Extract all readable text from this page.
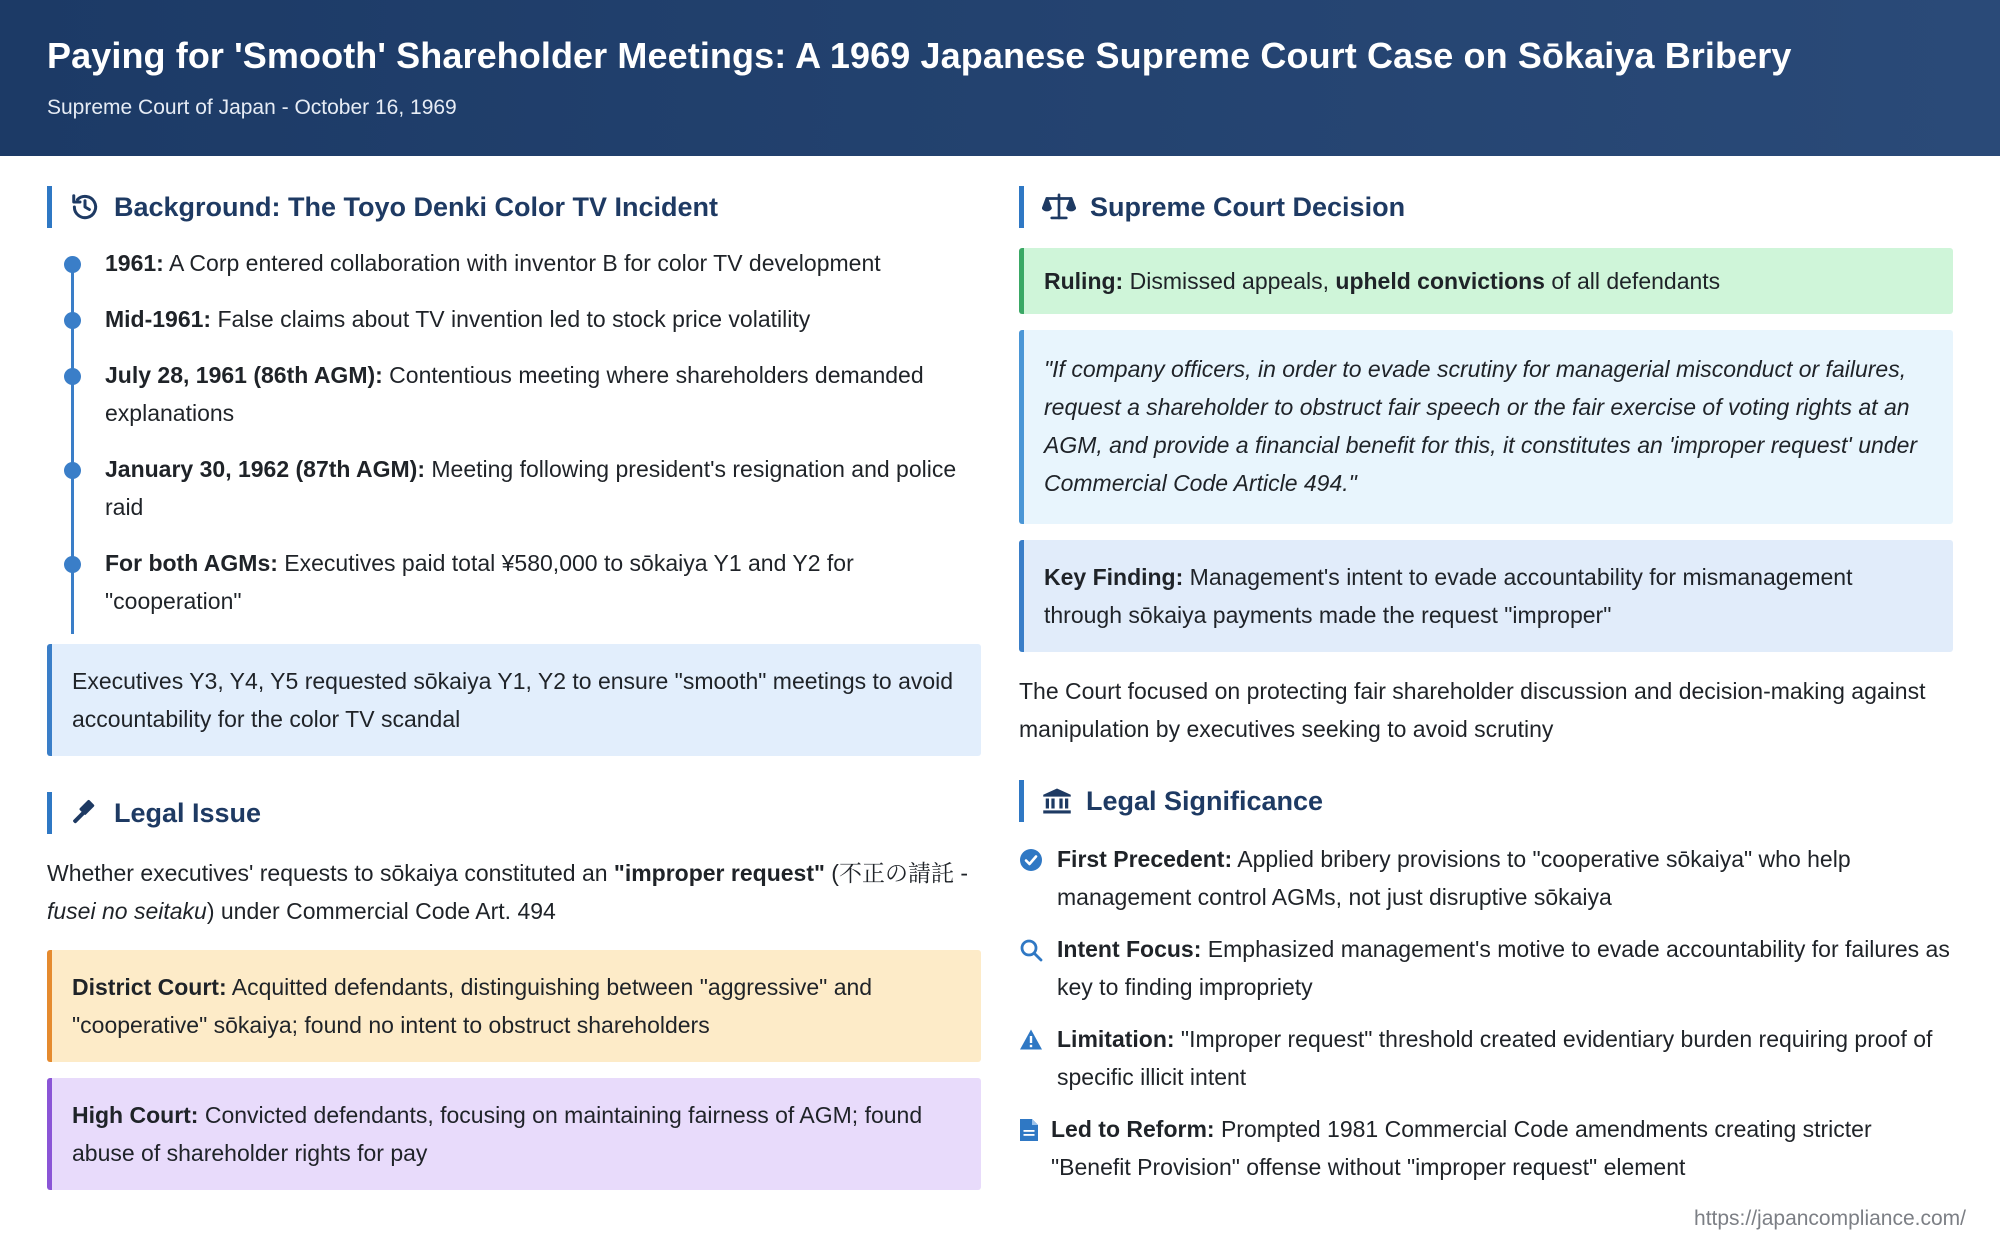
Paying for 'Smooth' Shareholder Meetings: A 1969 Japanese Supreme Court Case on Sōkaiya Bribery
Supreme Court of Japan - October 16, 1969
Background: The Toyo Denki Color TV Incident
1961: A Corp entered collaboration with inventor B for color TV development
Mid-1961: False claims about TV invention led to stock price volatility
July 28, 1961 (86th AGM): Contentious meeting where shareholders demanded explanations
January 30, 1962 (87th AGM): Meeting following president's resignation and police raid
For both AGMs: Executives paid total ¥580,000 to sōkaiya Y1 and Y2 for "cooperation"
Executives Y3, Y4, Y5 requested sōkaiya Y1, Y2 to ensure "smooth" meetings to avoid accountability for the color TV scandal
Legal Issue
Whether executives' requests to sōkaiya constituted an "improper request" (不正の請託 - fusei no seitaku) under Commercial Code Art. 494
District Court: Acquitted defendants, distinguishing between "aggressive" and "cooperative" sōkaiya; found no intent to obstruct shareholders
High Court: Convicted defendants, focusing on maintaining fairness of AGM; found abuse of shareholder rights for pay
Supreme Court Decision
Ruling: Dismissed appeals, upheld convictions of all defendants
"If company officers, in order to evade scrutiny for managerial misconduct or failures, request a shareholder to obstruct fair speech or the fair exercise of voting rights at an AGM, and provide a financial benefit for this, it constitutes an 'improper request' under Commercial Code Article 494."
Key Finding: Management's intent to evade accountability for mismanagement through sōkaiya payments made the request "improper"
The Court focused on protecting fair shareholder discussion and decision-making against manipulation by executives seeking to avoid scrutiny
Legal Significance
First Precedent: Applied bribery provisions to "cooperative sōkaiya" who help management control AGMs, not just disruptive sōkaiya
Intent Focus: Emphasized management's motive to evade accountability for failures as key to finding impropriety
Limitation: "Improper request" threshold created evidentiary burden requiring proof of specific illicit intent
Led to Reform: Prompted 1981 Commercial Code amendments creating stricter "Benefit Provision" offense without "improper request" element
https://japancompliance.com/
